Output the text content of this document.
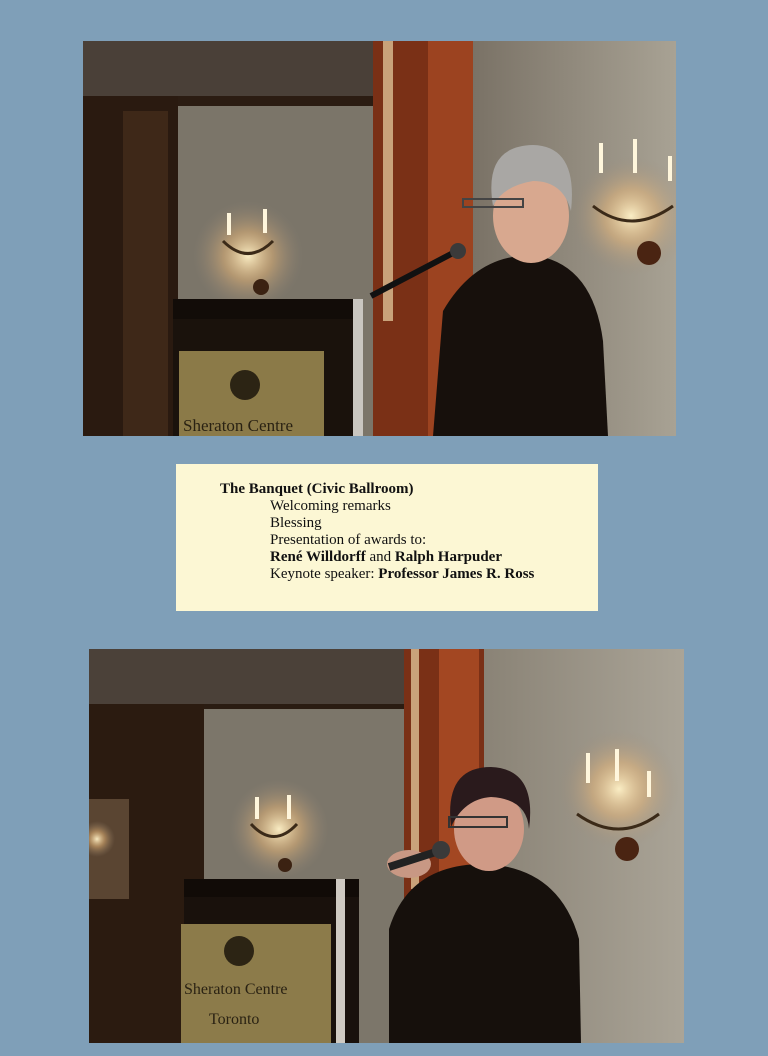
Sheraton Centre
The Banquet (Civic Ballroom)
Welcoming remarks
Blessing
Presentation of awards to:
René Willdorff and Ralph Harpuder
Keynote speaker: Professor James R. Ross
Sheraton Centre
Toronto
